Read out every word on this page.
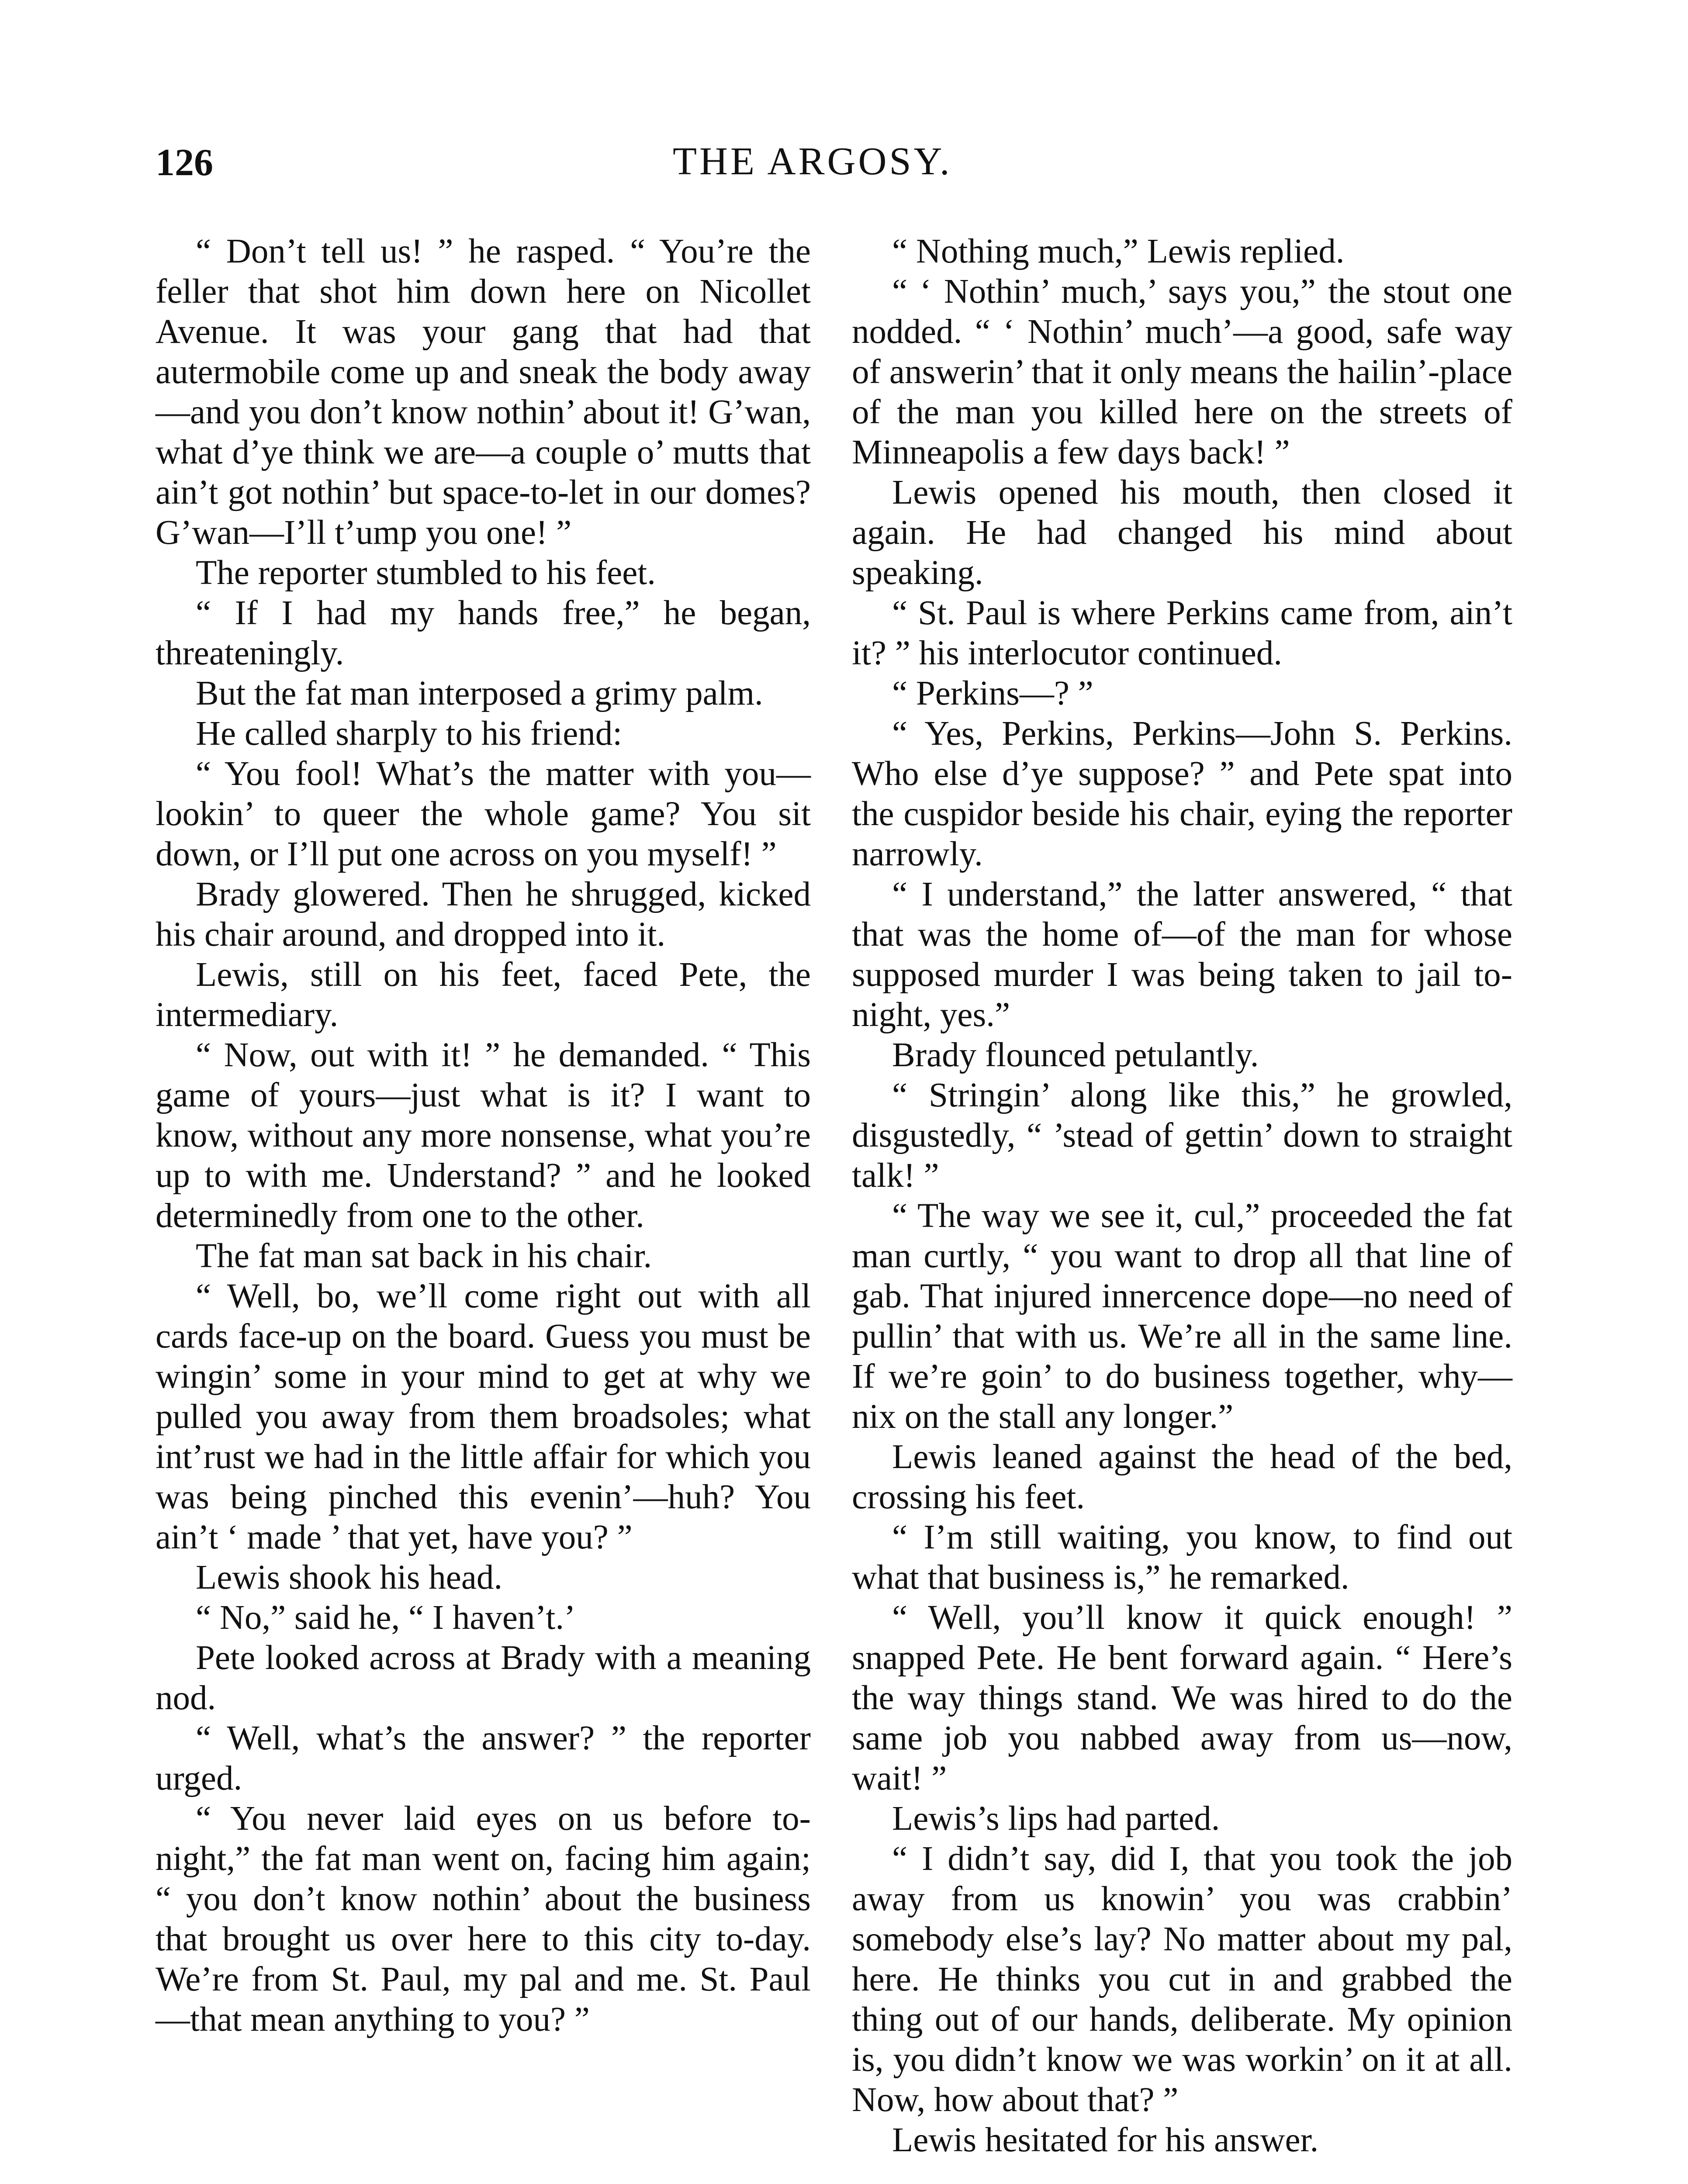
126	THE ARGOSY.

“ Don’t tell us! ” he rasped. “ You’re the feller that shot him down here on Nicollet Avenue. It was your gang that had that autermobile come up and sneak the body away—and you don’t know nothin’ about it! G’wan, what d’ye think we are—a couple o’ mutts that ain’t got nothin’ but space-to-let in our domes? G’wan—I’ll t’ump you one! ”

The reporter stumbled to his feet.

“ If I had my hands free,” he began, threateningly.

But the fat man interposed a grimy palm.

He called sharply to his friend:

“ You fool! What’s the matter with you—lookin’ to queer the whole game? You sit down, or I’ll put one across on you myself! ”

Brady glowered. Then he shrugged, kicked his chair around, and dropped into it.

Lewis, still on his feet, faced Pete, the intermediary.

“ Now, out with it! ” he demanded. “ This game of yours—just what is it? I want to know, without any more nonsense, what you’re up to with me. Understand? ” and he looked determinedly from one to the other.

The fat man sat back in his chair.

“ Well, bo, we’ll come right out with all cards face-up on the board. Guess you must be wingin’ some in your mind to get at why we pulled you away from them broadsoles; what int’rust we had in the little affair for which you was being pinched this evenin’—huh? You ain’t ‘ made ’ that yet, have you? ”

Lewis shook his head.

“ No,” said he, “ I haven’t.’

Pete looked across at Brady with a meaning nod.

“ Well, what’s the answer? ” the reporter urged.

“ You never laid eyes on us before to-night,” the fat man went on, facing him again; “ you don’t know nothin’ about the business that brought us over here to this city to-day. We’re from St. Paul, my pal and me. St. Paul—that mean anything to you? ”

“ Nothing much,” Lewis replied.

“ ‘ Nothin’ much,’ says you,” the stout one nodded. “ ‘ Nothin’ much’—a good, safe way of answerin’ that it only means the hailin’-place of the man you killed here on the streets of Minneapolis a few days back! ”

Lewis opened his mouth, then closed it again. He had changed his mind about speaking.

“ St. Paul is where Perkins came from, ain’t it? ” his interlocutor continued.

“ Perkins—? ”

“ Yes, Perkins, Perkins—John S. Perkins. Who else d’ye suppose? ” and Pete spat into the cuspidor beside his chair, eying the reporter narrowly.

“ I understand,” the latter answered, “ that that was the home of—of the man for whose supposed murder I was being taken to jail to-night, yes.”

Brady flounced petulantly.

“ Stringin’ along like this,” he growled, disgustedly, “ ’stead of gettin’ down to straight talk! ”

“ The way we see it, cul,” proceeded the fat man curtly, “ you want to drop all that line of gab. That injured innercence dope—no need of pullin’ that with us. We’re all in the same line. If we’re goin’ to do business together, why—nix on the stall any longer.”

Lewis leaned against the head of the bed, crossing his feet.

“ I’m still waiting, you know, to find out what that business is,” he remarked.

“ Well, you’ll know it quick enough! ” snapped Pete. He bent forward again. “ Here’s the way things stand. We was hired to do the same job you nabbed away from us—now, wait! ”

Lewis’s lips had parted.

“ I didn’t say, did I, that you took the job away from us knowin’ you was crabbin’ somebody else’s lay? No matter about my pal, here. He thinks you cut in and grabbed the thing out of our hands, deliberate. My opinion is, you didn’t know we was workin’ on it at all. Now, how about that? ”

Lewis hesitated for his answer.
